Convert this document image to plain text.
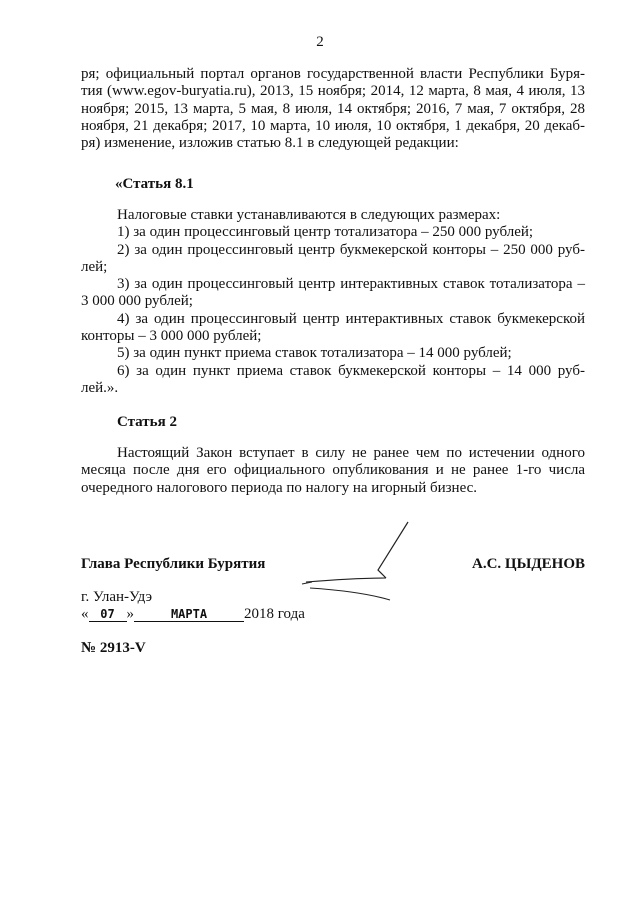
2
ря; официальный портал органов государственной власти Республики Буря-
тия (www.egov-buryatia.ru), 2013, 15 ноября; 2014, 12 марта, 8 мая, 4 июля, 13
ноября; 2015, 13 марта, 5 мая, 8 июля, 14 октября; 2016, 7 мая, 7 октября, 28
ноября, 21 декабря; 2017, 10 марта, 10 июля, 10 октября, 1 декабря, 20 декаб-
ря) изменение, изложив статью 8.1 в следующей редакции:
«Статья 8.1
Налоговые ставки устанавливаются в следующих размерах:
1) за один процессинговый центр тотализатора – 250 000 рублей;
2) за один процессинговый центр букмекерской конторы – 250 000 руб-
лей;
3) за один процессинговый центр интерактивных ставок тотализатора –
3 000 000 рублей;
4) за один процессинговый центр интерактивных ставок букмекерской
конторы – 3 000 000 рублей;
5) за один пункт приема ставок тотализатора – 14 000 рублей;
6) за один пункт приема ставок букмекерской конторы – 14 000 руб-
лей.».
Статья 2
Настоящий Закон вступает в силу не ранее чем по истечении одного
месяца после дня его официального опубликования и не ранее 1-го числа
очередного налогового периода по налогу на игорный бизнес.
Глава Республики Бурятия	А.С. ЦЫДЕНОВ
г. Улан-Удэ
« 07 »	МАРТА 2018 года
№ 2913-V
